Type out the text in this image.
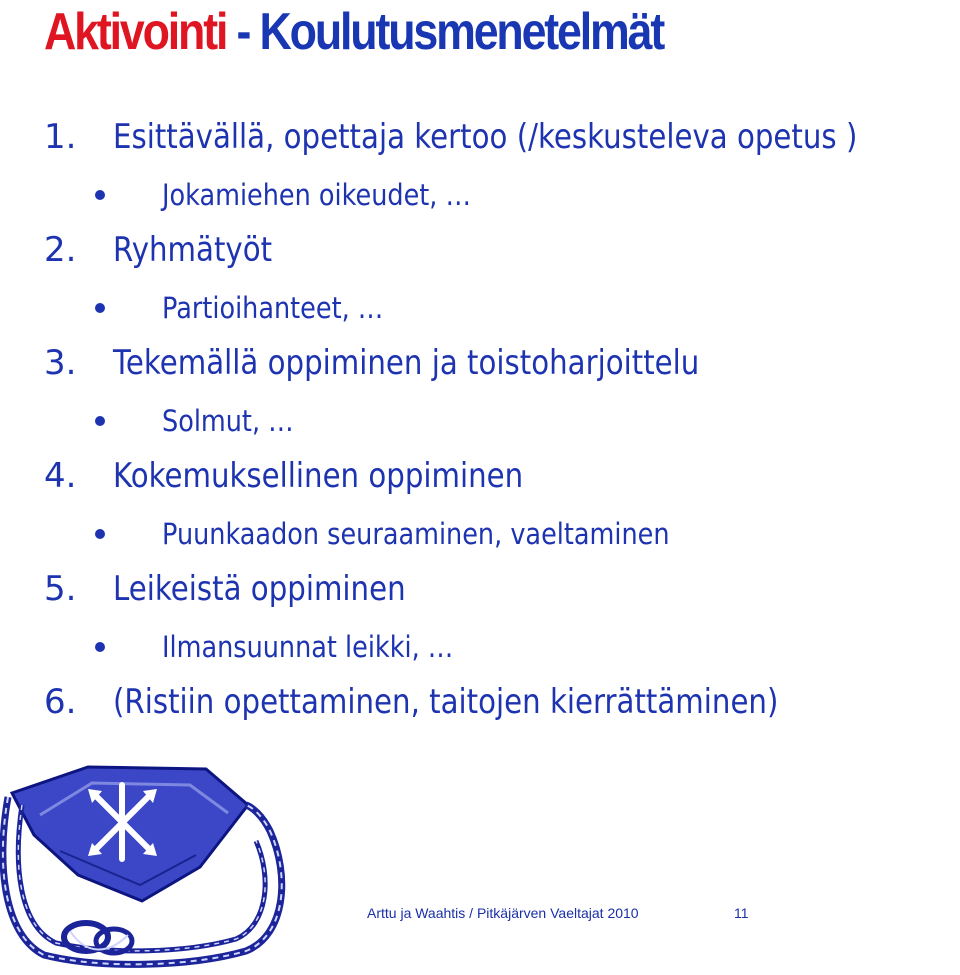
Aktivointi - Koulutusmenetelmät
1. Esittävällä, opettaja kertoo (/keskusteleva opetus )
Jokamiehen oikeudet, …
2. Ryhmätyöt
Partioihanteet, …
3. Tekemällä oppiminen ja toistoharjoittelu
Solmut, …
4. Kokemuksellinen oppiminen
Puunkaadon seuraaminen, vaeltaminen
5. Leikeistä oppiminen
Ilmansuunnat leikki, …
6. (Ristiin opettaminen, taitojen kierrättäminen)
Arttu ja Waahtis / Pitkäjärven Vaeltajat 2010	11
